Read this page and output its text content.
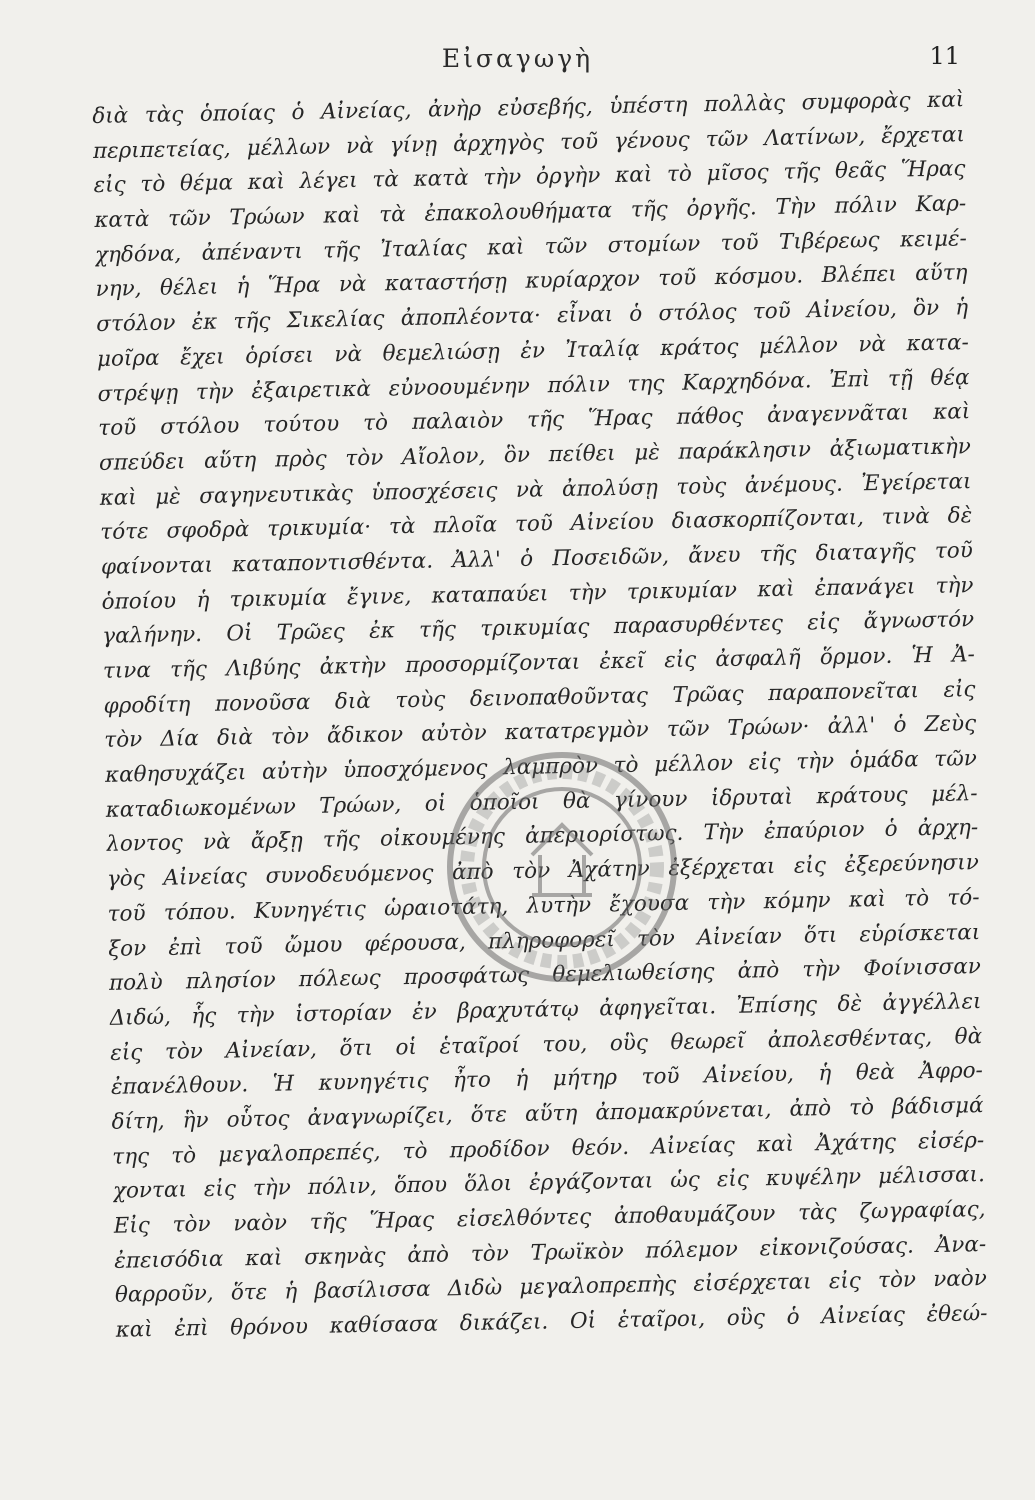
Εἰσαγωγὴ	11
διὰ τὰς ὁποίας ὁ Αἰνείας, ἀνὴρ εὐσεβής, ὑπέστη πολλὰς συμφορὰς καὶ
περιπετείας, μέλλων νὰ γίνῃ ἀρχηγὸς τοῦ γένους τῶν Λατίνων, ἔρχεται
εἰς τὸ θέμα καὶ λέγει τὰ κατὰ τὴν ὀργὴν καὶ τὸ μῖσος τῆς θεᾶς Ἥρας
κατὰ τῶν Τρώων καὶ τὰ ἐπακολουθήματα τῆς ὀργῆς. Τὴν πόλιν Καρ-
χηδόνα, ἀπέναντι τῆς Ἰταλίας καὶ τῶν στομίων τοῦ Τιβέρεως κειμέ-
νην, θέλει ἡ Ἥρα νὰ καταστήσῃ κυρίαρχον τοῦ κόσμου. Βλέπει αὕτη
στόλον ἐκ τῆς Σικελίας ἀποπλέοντα· εἶναι ὁ στόλος τοῦ Αἰνείου, ὃν ἡ
μοῖρα ἔχει ὁρίσει νὰ θεμελιώσῃ ἐν Ἰταλίᾳ κράτος μέλλον νὰ κατα-
στρέψῃ τὴν ἐξαιρετικὰ εὐνοουμένην πόλιν της Καρχηδόνα. Ἐπὶ τῇ θέᾳ
τοῦ στόλου τούτου τὸ παλαιὸν τῆς Ἥρας πάθος ἀναγεννᾶται καὶ
σπεύδει αὕτη πρὸς τὸν Αἴολον, ὃν πείθει μὲ παράκλησιν ἀξιωματικὴν
καὶ μὲ σαγηνευτικὰς ὑποσχέσεις νὰ ἀπολύσῃ τοὺς ἀνέμους. Ἐγείρεται
τότε σφοδρὰ τρικυμία· τὰ πλοῖα τοῦ Αἰνείου διασκορπίζονται, τινὰ δὲ
φαίνονται καταποντισθέντα. Ἀλλ' ὁ Ποσειδῶν, ἄνευ τῆς διαταγῆς τοῦ
ὁποίου ἡ τρικυμία ἔγινε, καταπαύει τὴν τρικυμίαν καὶ ἐπανάγει τὴν
γαλήνην. Οἱ Τρῶες ἐκ τῆς τρικυμίας παρασυρθέντες εἰς ἄγνωστόν
τινα τῆς Λιβύης ἀκτὴν προσορμίζονται ἐκεῖ εἰς ἀσφαλῆ ὅρμον. Ἡ Ἀ-
φροδίτη πονοῦσα διὰ τοὺς δεινοπαθοῦντας Τρῶας παραπονεῖται εἰς
τὸν Δία διὰ τὸν ἄδικον αὐτὸν κατατρεγμὸν τῶν Τρώων· ἀλλ' ὁ Ζεὺς
καθησυχάζει αὐτὴν ὑποσχόμενος λαμπρὸν τὸ μέλλον εἰς τὴν ὁμάδα τῶν
καταδιωκομένων Τρώων, οἱ ὁποῖοι θὰ γίνουν ἱδρυταὶ κράτους μέλ-
λοντος νὰ ἄρξῃ τῆς οἰκουμένης ἀπεριορίστως. Τὴν ἐπαύριον ὁ ἀρχη-
γὸς Αἰνείας συνοδευόμενος ἀπὸ τὸν Ἀχάτην ἐξέρχεται εἰς ἐξερεύνησιν
τοῦ τόπου. Κυνηγέτις ὡραιοτάτη, λυτὴν ἔχουσα τὴν κόμην καὶ τὸ τό-
ξον ἐπὶ τοῦ ὤμου φέρουσα, πληροφορεῖ τὸν Αἰνείαν ὅτι εὑρίσκεται
πολὺ πλησίον πόλεως προσφάτως θεμελιωθείσης ἀπὸ τὴν Φοίνισσαν
Διδώ, ἧς τὴν ἱστορίαν ἐν βραχυτάτῳ ἀφηγεῖται. Ἐπίσης δὲ ἀγγέλλει
εἰς τὸν Αἰνείαν, ὅτι οἱ ἑταῖροί του, οὓς θεωρεῖ ἀπολεσθέντας, θὰ
ἐπανέλθουν. Ἡ κυνηγέτις ἦτο ἡ μήτηρ τοῦ Αἰνείου, ἡ θεὰ Ἀφρο-
δίτη, ἣν οὗτος ἀναγνωρίζει, ὅτε αὕτη ἀπομακρύνεται, ἀπὸ τὸ βάδισμά
της τὸ μεγαλοπρεπές, τὸ προδίδον θεόν. Αἰνείας καὶ Ἀχάτης εἰσέρ-
χονται εἰς τὴν πόλιν, ὅπου ὅλοι ἐργάζονται ὡς εἰς κυψέλην μέλισσαι.
Εἰς τὸν ναὸν τῆς Ἥρας εἰσελθόντες ἀποθαυμάζουν τὰς ζωγραφίας,
ἐπεισόδια καὶ σκηνὰς ἀπὸ τὸν Τρωϊκὸν πόλεμον εἰκονιζούσας. Ἀνα-
θαρροῦν, ὅτε ἡ βασίλισσα Διδὼ μεγαλοπρεπὴς εἰσέρχεται εἰς τὸν ναὸν
καὶ ἐπὶ θρόνου καθίσασα δικάζει. Οἱ ἑταῖροι, οὓς ὁ Αἰνείας ἐθεώ-
